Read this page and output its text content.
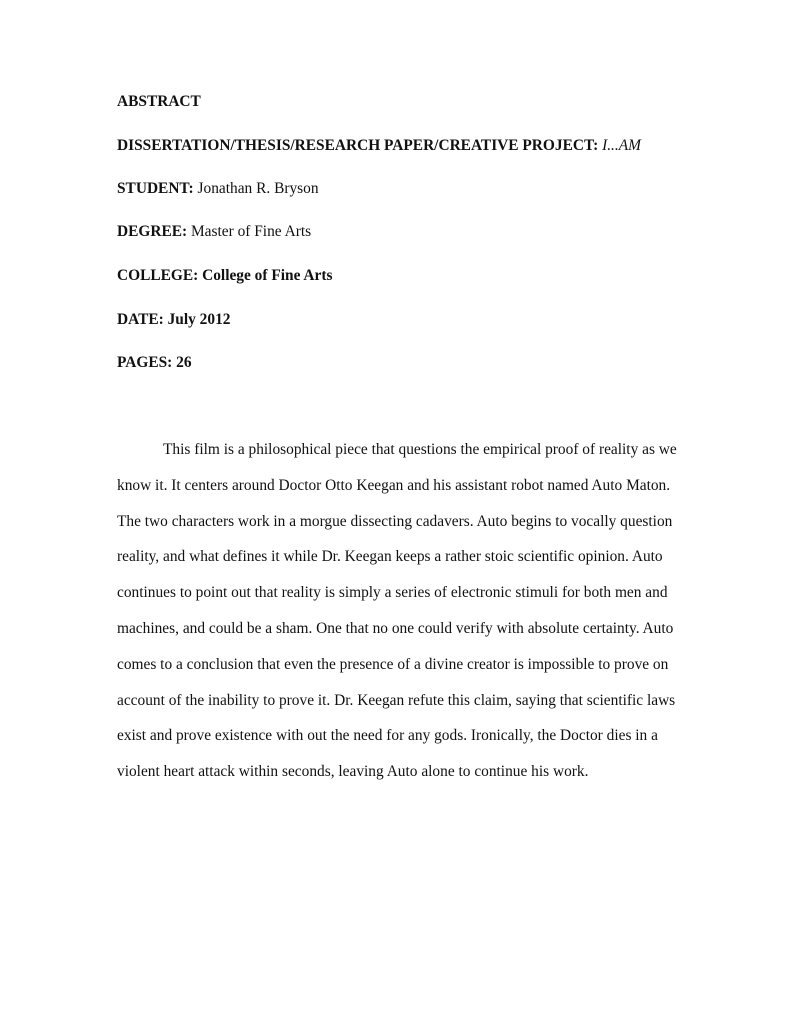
ABSTRACT
DISSERTATION/THESIS/RESEARCH PAPER/CREATIVE PROJECT: I...AM
STUDENT: Jonathan R. Bryson
DEGREE: Master of Fine Arts
COLLEGE: College of Fine Arts
DATE: July 2012
PAGES: 26
This film is a philosophical piece that questions the empirical proof of reality as we
know it. It centers around Doctor Otto Keegan and his assistant robot named Auto Maton.
The two characters work in a morgue dissecting cadavers. Auto begins to vocally question
reality, and what defines it while Dr. Keegan keeps a rather stoic scientific opinion. Auto
continues to point out that reality is simply a series of electronic stimuli for both men and
machines, and could be a sham. One that no one could verify with absolute certainty. Auto
comes to a conclusion that even the presence of a divine creator is impossible to prove on
account of the inability to prove it. Dr. Keegan refute this claim, saying that scientific laws
exist and prove existence with out the need for any gods. Ironically, the Doctor dies in a
violent heart attack within seconds, leaving Auto alone to continue his work.
